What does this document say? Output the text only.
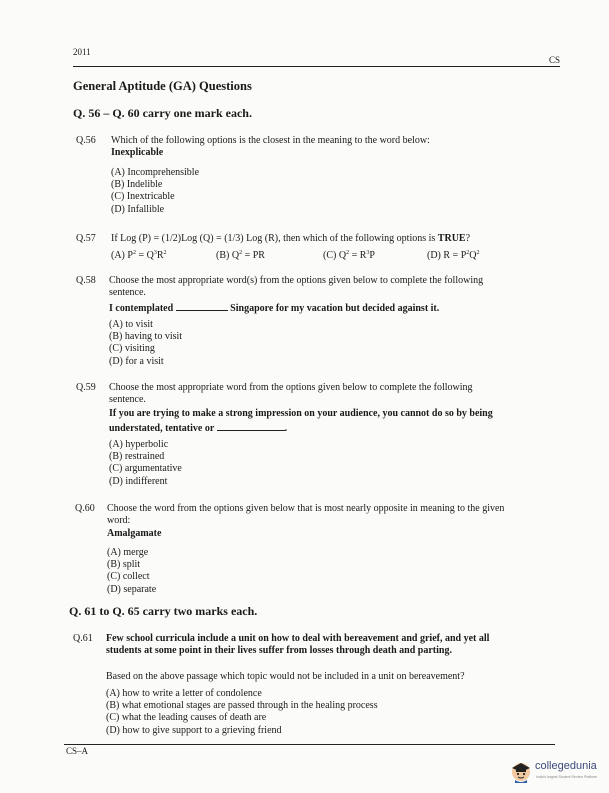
2011
CS
General Aptitude (GA) Questions
Q. 56 – Q. 60 carry one mark each.
Q.56 Which of the following options is the closest in the meaning to the word below:
Inexplicable
(A) Incomprehensible
(B) Indelible
(C) Inextricable
(D) Infallible
Q.57 If Log (P) = (1/2)Log (Q) = (1/3) Log (R), then which of the following options is TRUE?
(A) $P^2 = Q^3R^2$	(B) $Q^2$ = PR	(C) $Q^2 = R^3P$	(D) $R = P^2Q^2$
Q.58 Choose the most appropriate word(s) from the options given below to complete the following
sentence.
I contemplated	Singapore for my vacation but decided against it.
(A) to visit
(B) having to visit
(C) visiting
(D) for a visit
Q.59 Choose the most appropriate word from the options given below to complete the following
sentence.
If you are trying to make a strong impression on your audience, you cannot do so by being
understated, tentative or	.
(A) hyperbolic
(B) restrained
(C) argumentative
(D) indifferent
Q.60 Choose the word from the options given below that is most nearly opposite in meaning to the given
word:
Amalgamate
(A) merge
(B) split
(C) collect
(D) separate
Q. 61 to Q. 65 carry two marks each.
Q.61 Few school curricula include a unit on how to deal with bereavement and grief, and yet all
students at some point in their lives suffer from losses through death and parting.
Based on the above passage which topic would not be included in a unit on bereavement?
(A) how to write a letter of condolence
(B) what emotional stages are passed through in the healing process
(C) what the leading causes of death are
(D) how to give support to a grieving friend
CS–A
collegedunia
India's largest Student Review Platform
